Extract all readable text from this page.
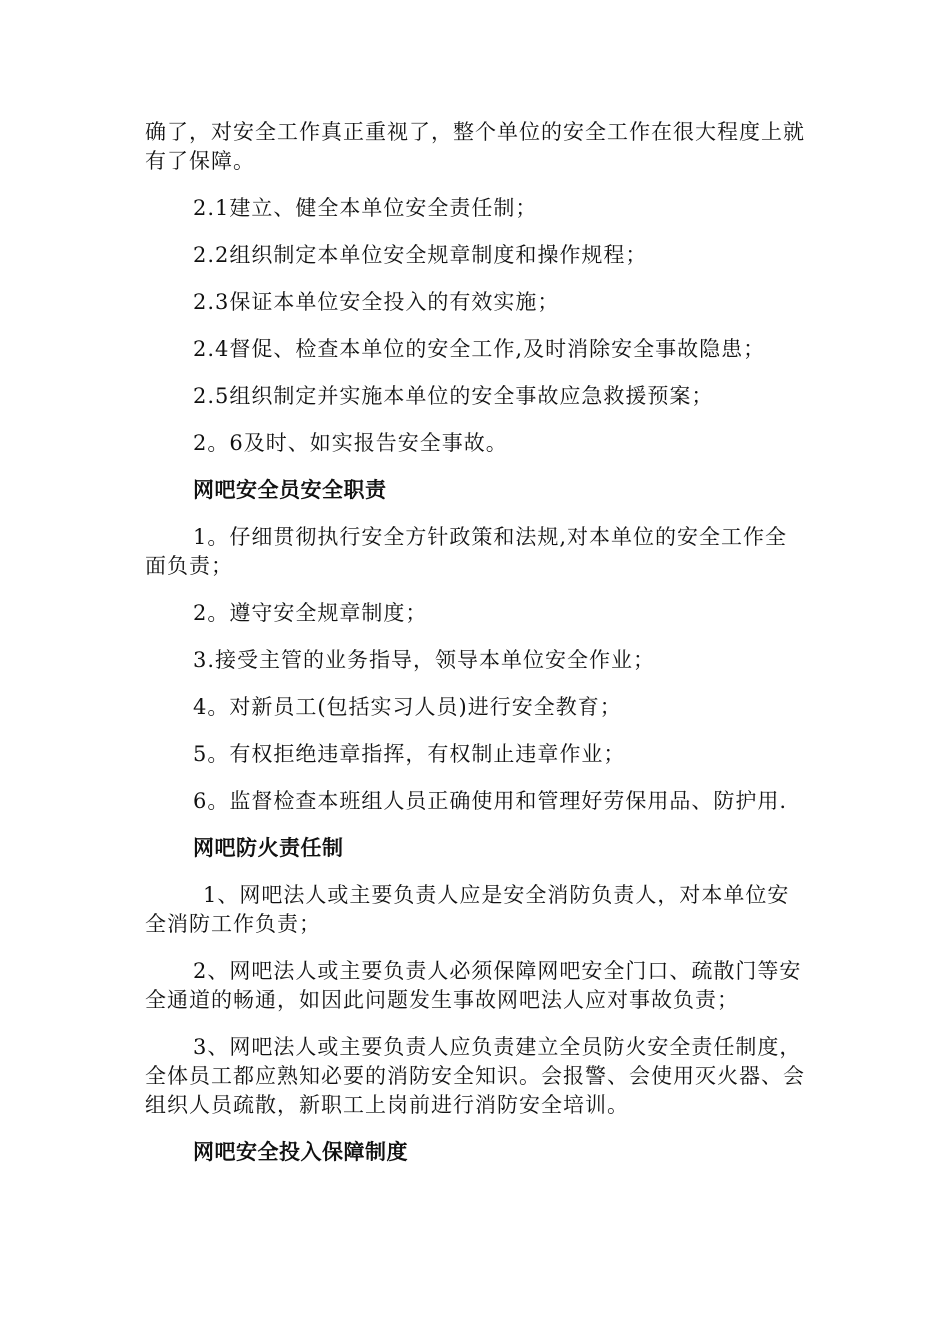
确了，对安全工作真正重视了，整个单位的安全工作在很大程度上就有了保障。

2.1建立、健全本单位安全责任制；

2.2组织制定本单位安全规章制度和操作规程；

2.3保证本单位安全投入的有效实施；

2.4督促、检查本单位的安全工作,及时消除安全事故隐患；

2.5组织制定并实施本单位的安全事故应急救援预案；

2。6及时、如实报告安全事故。

网吧安全员安全职责

1。仔细贯彻执行安全方针政策和法规,对本单位的安全工作全面负责；

2。遵守安全规章制度；

3.接受主管的业务指导，领导本单位安全作业；

4。对新员工(包括实习人员)进行安全教育；

5。有权拒绝违章指挥，有权制止违章作业；

6。监督检查本班组人员正确使用和管理好劳保用品、防护用.

网吧防火责任制

1、网吧法人或主要负责人应是安全消防负责人，对本单位安全消防工作负责；

2、网吧法人或主要负责人必须保障网吧安全门口、疏散门等安全通道的畅通，如因此问题发生事故网吧法人应对事故负责；

3、网吧法人或主要负责人应负责建立全员防火安全责任制度，全体员工都应熟知必要的消防安全知识。会报警、会使用灭火器、会组织人员疏散，新职工上岗前进行消防安全培训。

网吧安全投入保障制度
